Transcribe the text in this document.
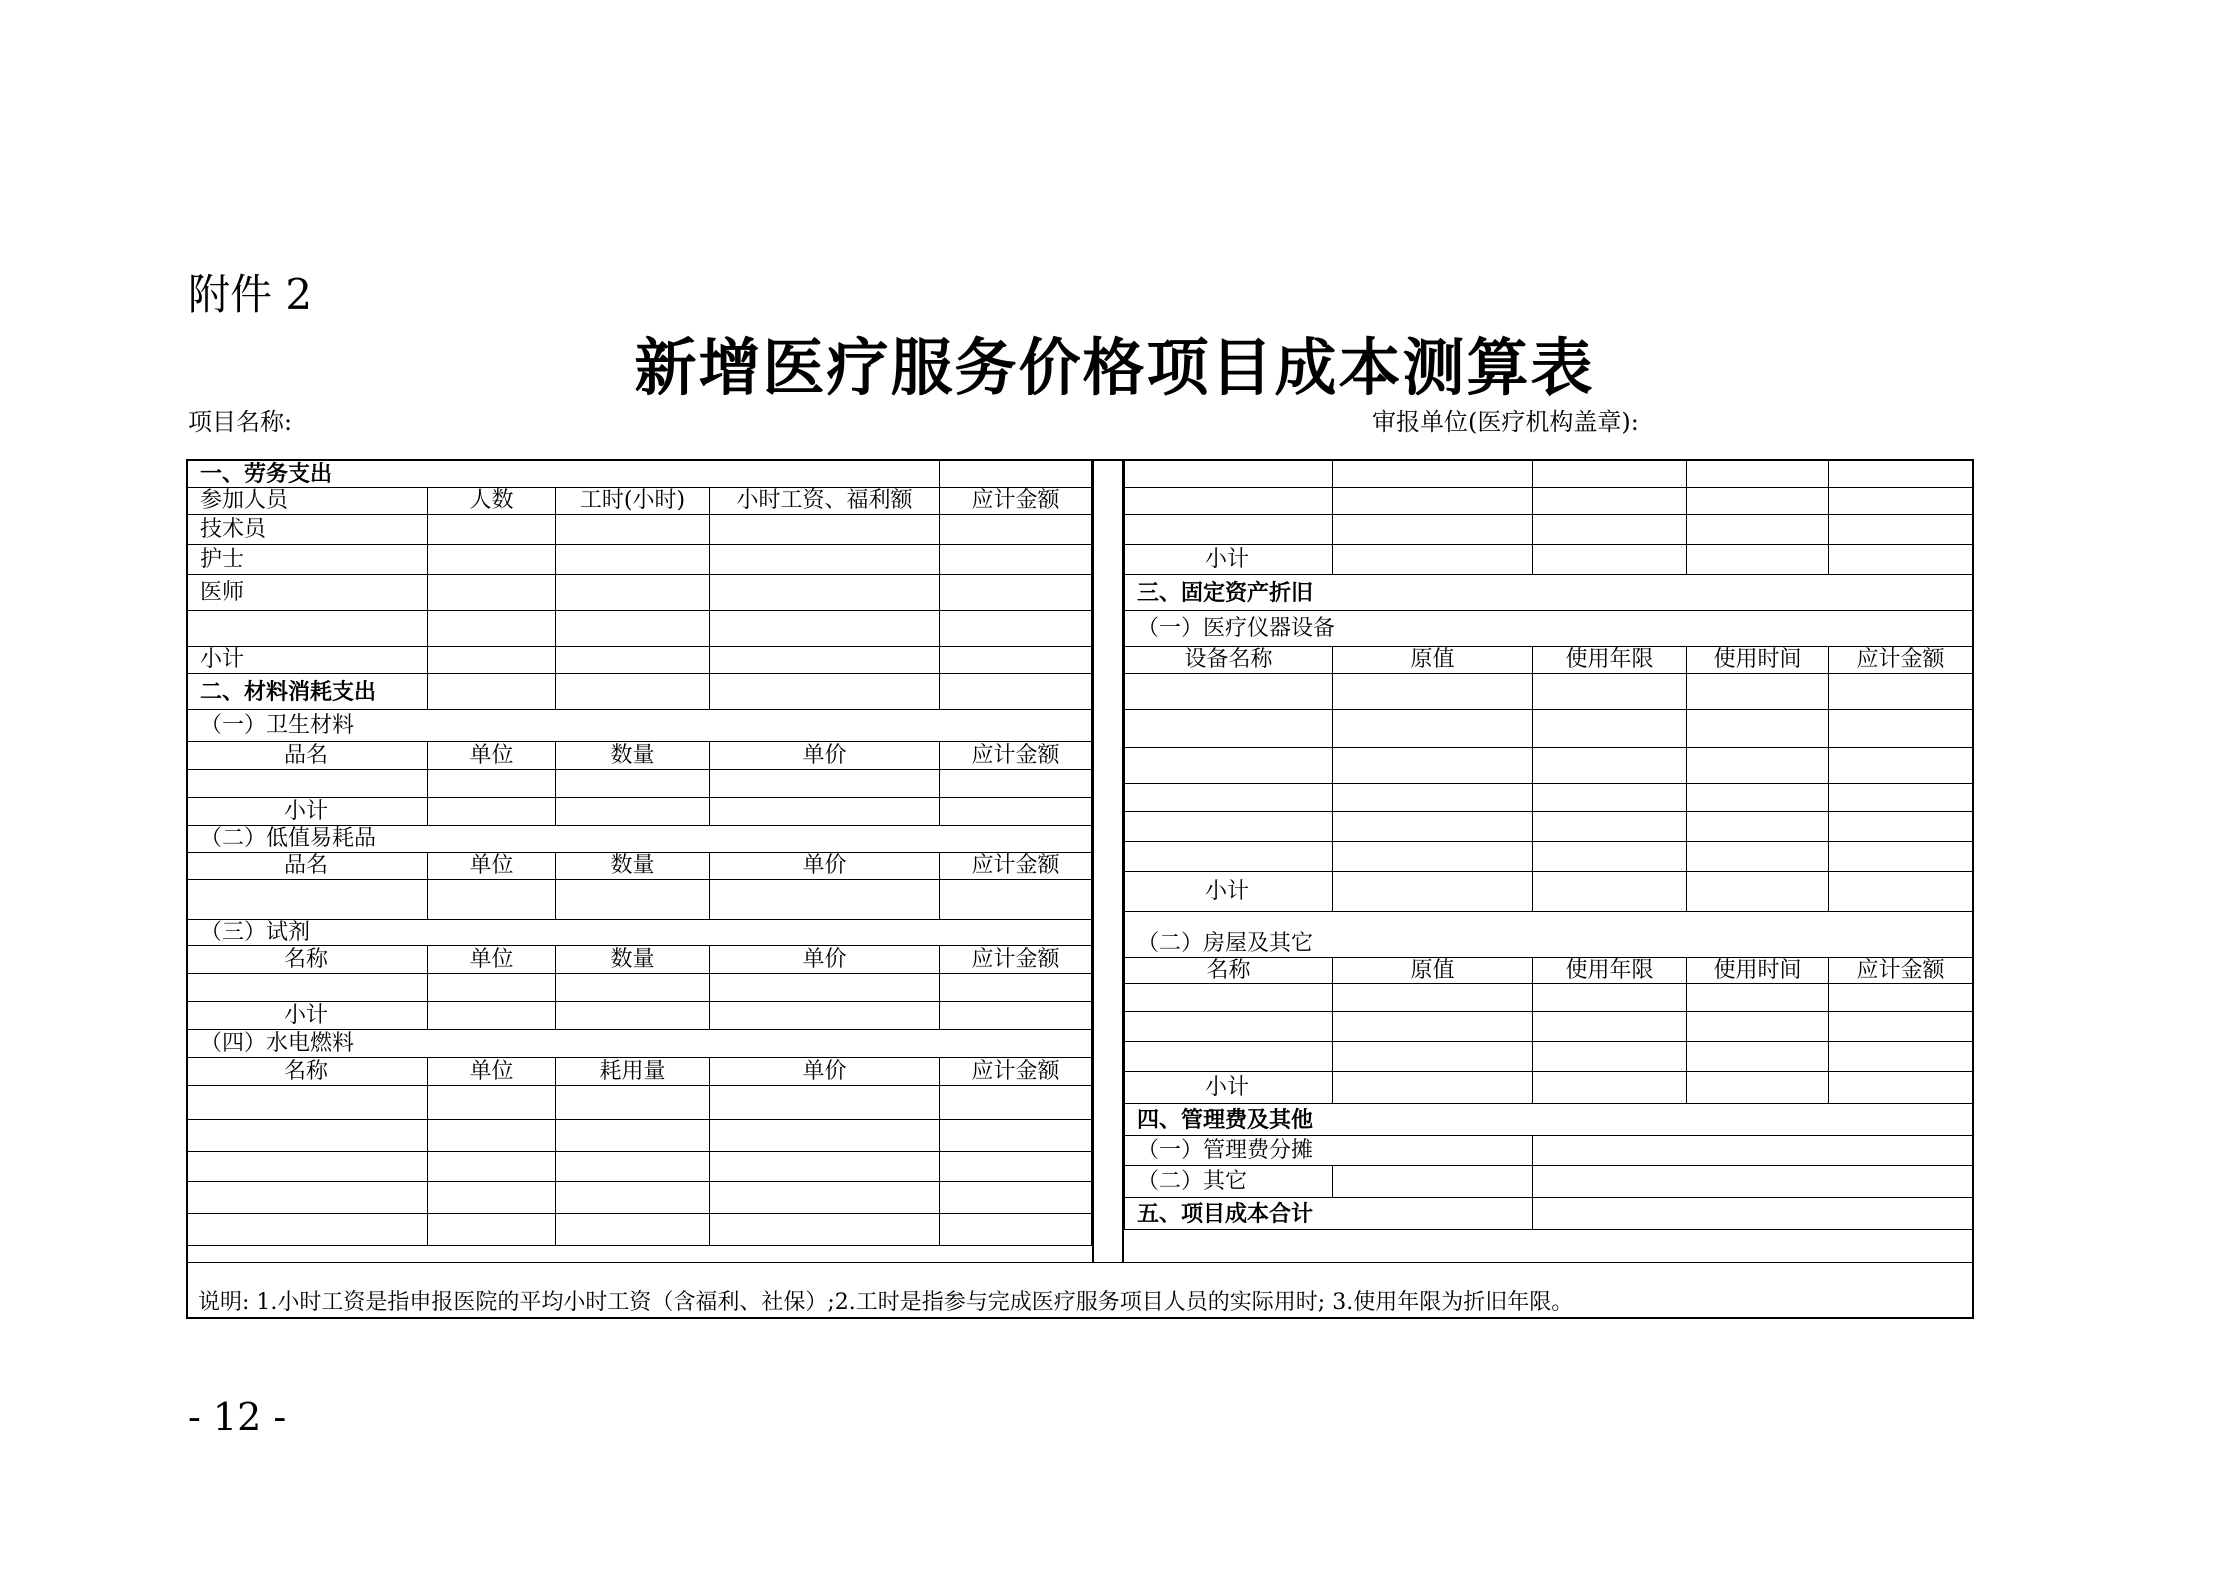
附件 2
新增医疗服务价格项目成本测算表
项目名称:	审报单位(医疗机构盖章):
一、劳务支出				
参加人员	人数	工时(小时)	小时工资、福利额	应计金额
技术员				
护士				
医师				

小计				
二、材料消耗支出				
（一）卫生材料				
品名	单位	数量	单价	应计金额

小计				
（二）低值易耗品				
品名	单位	数量	单价	应计金额

（三）试剂				
名称	单位	数量	单价	应计金额

小计				
（四）水电燃料				
名称	单位	耗用量	单价	应计金额

小计				
三、固定资产折旧				
（一）医疗仪器设备				
设备名称	原值	使用年限	使用时间	应计金额

小计				
（二）房屋及其它				
名称	原值	使用年限	使用时间	应计金额

小计				
四、管理费及其他				
（一）管理费分摊				
（二）其它				
五、项目成本合计				
说明: 1.小时工资是指申报医院的平均小时工资（含福利、社保）;2.工时是指参与完成医疗服务项目人员的实际用时; 3.使用年限为折旧年限。
- 12 -
